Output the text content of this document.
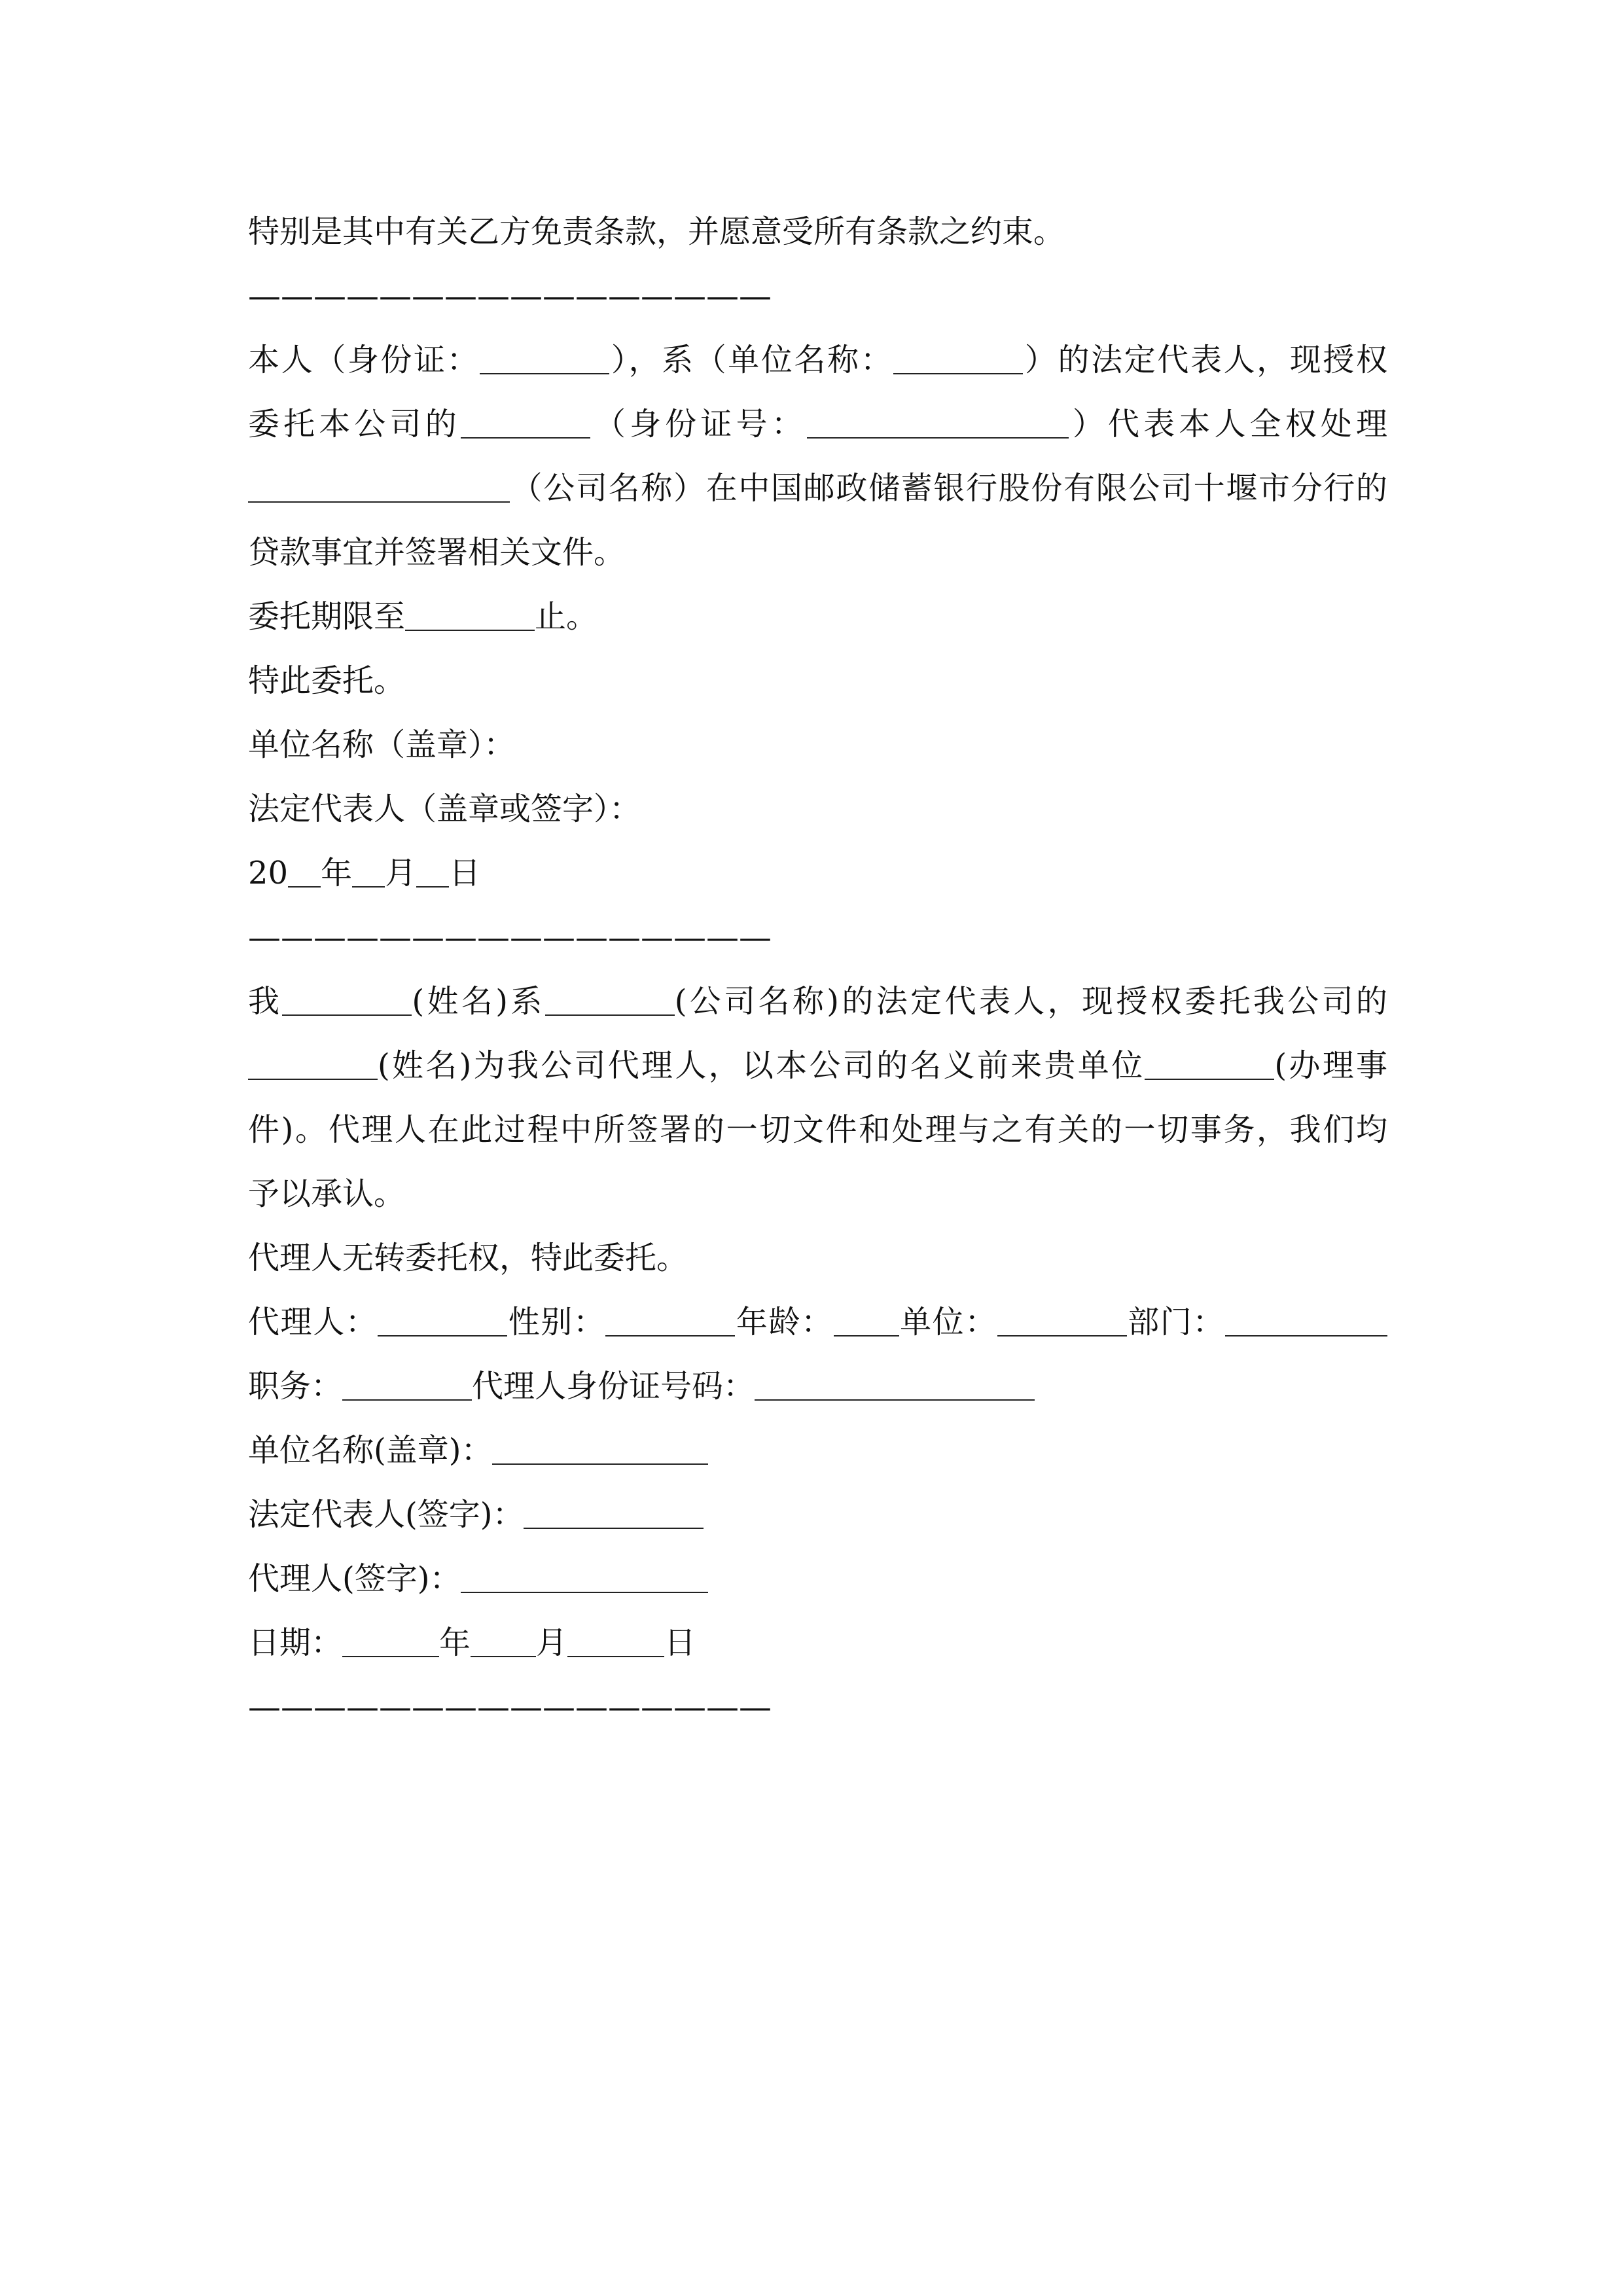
特别是其中有关乙方免责条款，并愿意受所有条款之约束。
————————————————
本人（身份证：	），系（单位名称：	）的法定代表人，现授权
委托本公司的	（身份证号：	）代表本人全权处理
（公司名称）在中国邮政储蓄银行股份有限公司十堰市分行的
贷款事宜并签署相关文件。
委托期限至	止。
特此委托。
单位名称（盖章）：
法定代表人（盖章或签字）：
20 年 月 日
————————————————
我	(姓名)系	(公司名称)的法定代表人，现授权委托我公司的
(姓名)为我公司代理人，以本公司的名义前来贵单位	(办理事
件)。代理人在此过程中所签署的一切文件和处理与之有关的一切事务，我们均
予以承认。
代理人无转委托权，特此委托。
代理人：	性别：	年龄： 单位：	部门：
职务：	代理人身份证号码：
单位名称(盖章)：
法定代表人(签字)：
代理人(签字)：
日期：	年 月	日
————————————————
